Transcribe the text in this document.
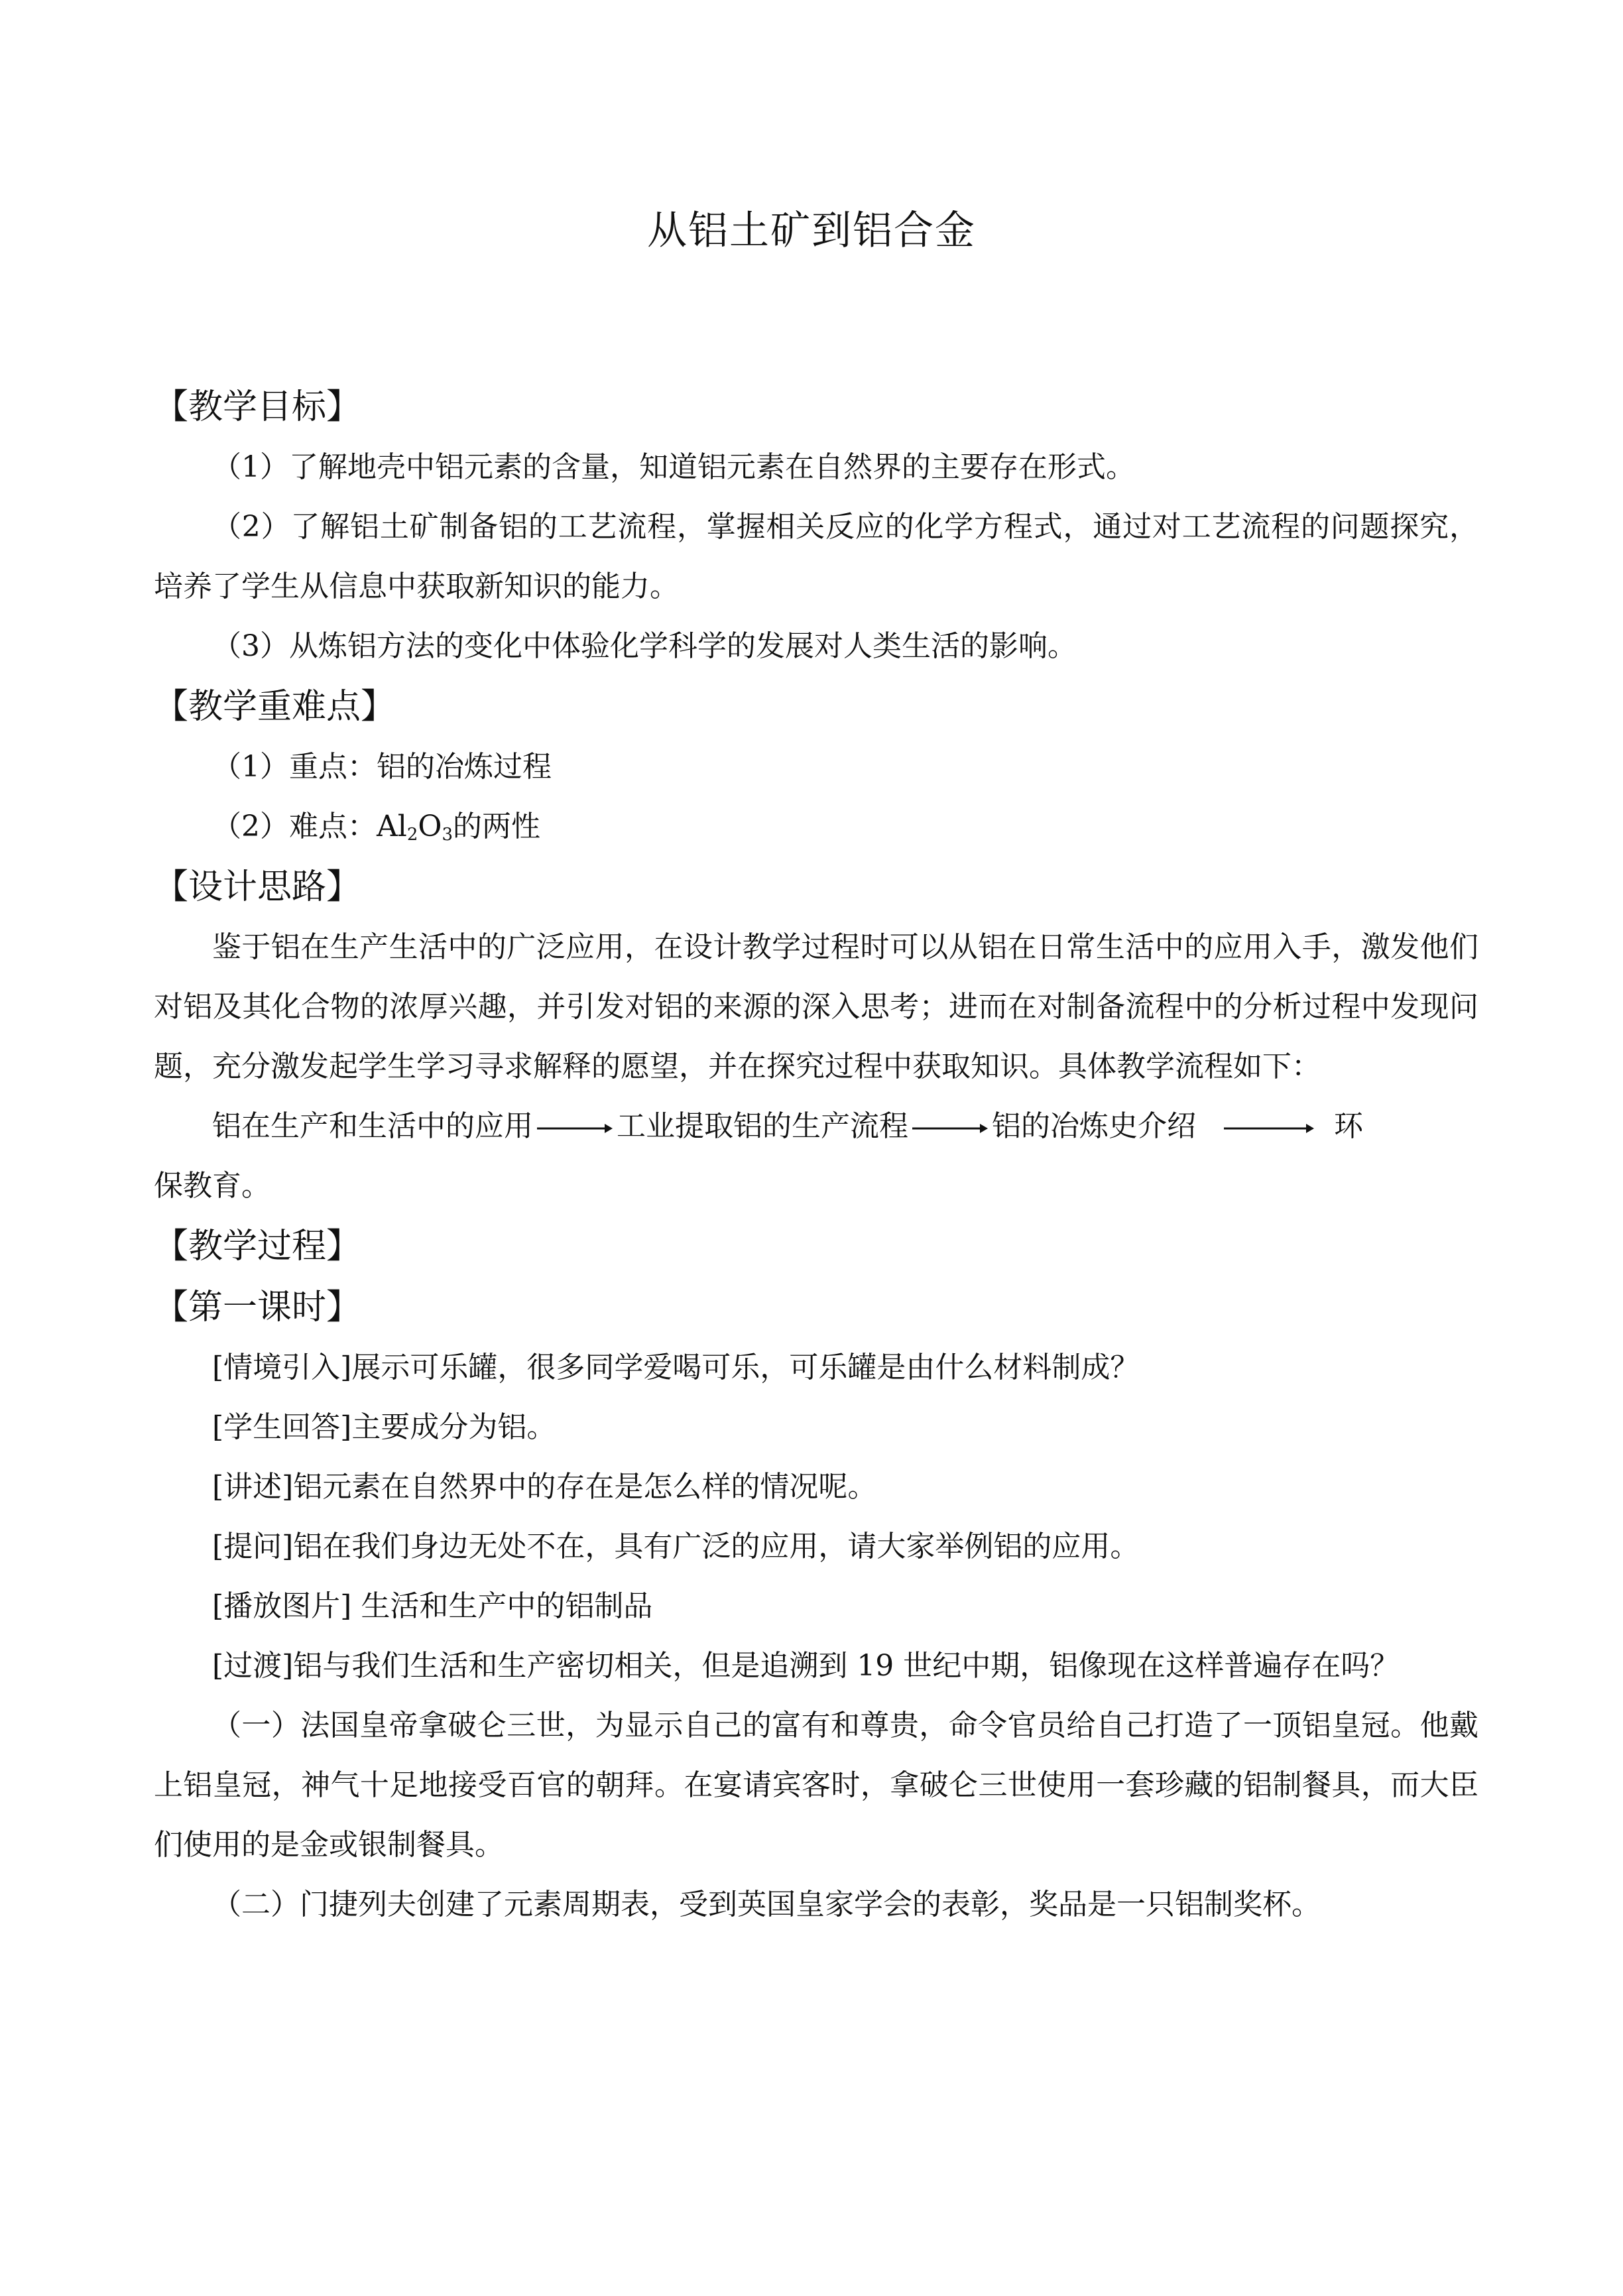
从铝土矿到铝合金

【教学目标】

（1）了解地壳中铝元素的含量，知道铝元素在自然界的主要存在形式。

（2）了解铝土矿制备铝的工艺流程，掌握相关反应的化学方程式，通过对工艺流程的问题探究，培养了学生从信息中获取新知识的能力。

（3）从炼铝方法的变化中体验化学科学的发展对人类生活的影响。

【教学重难点】

（1）重点：铝的冶炼过程

（2）难点：$Al_2O_3$的两性

【设计思路】

鉴于铝在生产生活中的广泛应用，在设计教学过程时可以从铝在日常生活中的应用入手，激发他们对铝及其化合物的浓厚兴趣，并引发对铝的来源的深入思考；进而在对制备流程中的分析过程中发现问题，充分激发起学生学习寻求解释的愿望，并在探究过程中获取知识。具体教学流程如下：

铝在生产和生活中的应用	工业提取铝的生产流程	铝的冶炼史介绍	环
保教育。

【教学过程】

【第一课时】

[情境引入]展示可乐罐，很多同学爱喝可乐，可乐罐是由什么材料制成？

[学生回答]主要成分为铝。

[讲述]铝元素在自然界中的存在是怎么样的情况呢。

[提问]铝在我们身边无处不在，具有广泛的应用，请大家举例铝的应用。

[播放图片] 生活和生产中的铝制品

[过渡]铝与我们生活和生产密切相关，但是追溯到 19 世纪中期，铝像现在这样普遍存在吗？

（一）法国皇帝拿破仑三世，为显示自己的富有和尊贵，命令官员给自己打造了一顶铝皇冠。他戴上铝皇冠，神气十足地接受百官的朝拜。在宴请宾客时，拿破仑三世使用一套珍藏的铝制餐具，而大臣们使用的是金或银制餐具。

（二）门捷列夫创建了元素周期表，受到英国皇家学会的表彰，奖品是一只铝制奖杯。
